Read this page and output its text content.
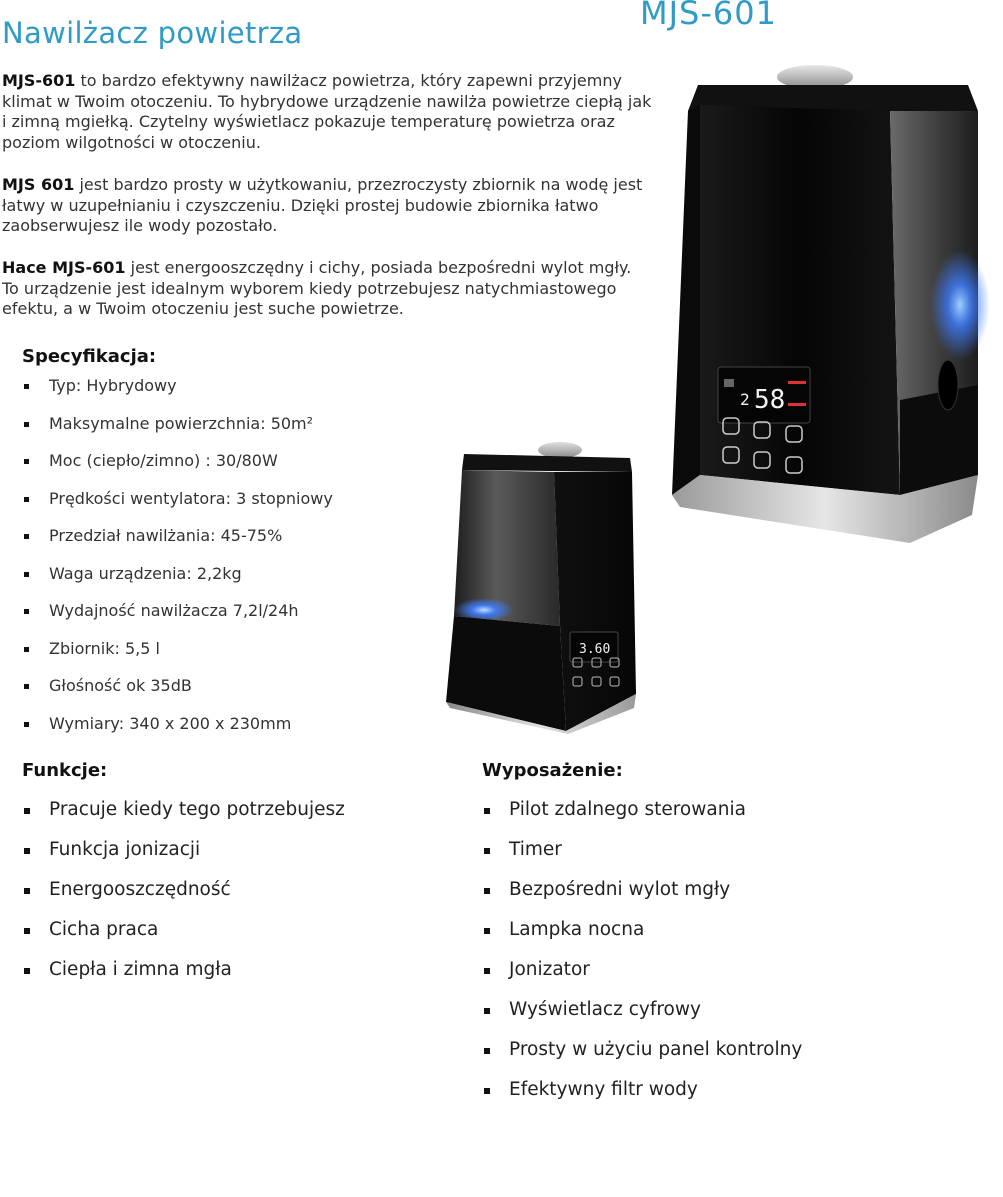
Nawilżacz powietrza
MJS-601

MJS-601 to bardzo efektywny nawilżacz powietrza, który zapewni przyjemny klimat w Twoim otoczeniu. To hybrydowe urządzenie nawilża powietrze ciepłą jak i zimną mgiełką. Czytelny wyświetlacz pokazuje temperaturę powietrza oraz poziom wilgotności w otoczeniu.

MJS 601 jest bardzo prosty w użytkowaniu, przezroczysty zbiornik na wodę jest łatwy w uzupełnianiu i czyszczeniu. Dzięki prostej budowie zbiornika łatwo zaobserwujesz ile wody pozostało.

Hace MJS-601 jest energooszczędny i cichy, posiada bezpośredni wylot mgły. To urządzenie jest idealnym wyborem kiedy potrzebujesz natychmiastowego efektu, a w Twoim otoczeniu jest suche powietrze.

Specyfikacja:
Typ: Hybrydowy
Maksymalne powierzchnia: 50m²
Moc (ciepło/zimno) : 30/80W
Prędkości wentylatora: 3 stopniowy
Przedział nawilżania: 45-75%
Waga urządzenia: 2,2kg
Wydajność nawilżacza 7,2l/24h
Zbiornik: 5,5 l
Głośność ok 35dB
Wymiary: 340 x 200 x 230mm
Funkcje:
Pracuje kiedy tego potrzebujesz
Funkcja jonizacji
Energooszczędność
Cicha praca
Ciepła i zimna mgła
Wyposażenie:
Pilot zdalnego sterowania
Timer
Bezpośredni wylot mgły
Lampka nocna
Jonizator
Wyświetlacz cyfrowy
Prosty w użyciu panel kontrolny
Efektywny filtr wody
2 58
3.60
